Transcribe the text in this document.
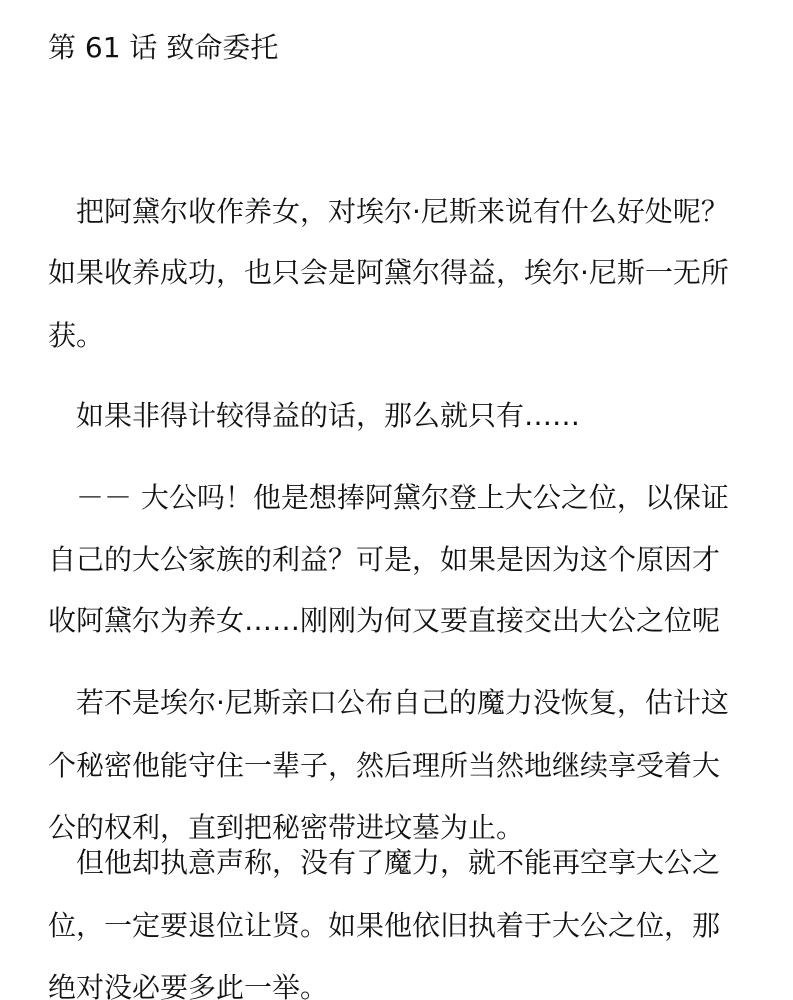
第 61 话 致命委托

把阿黛尔收作养女，对埃尔·尼斯来说有什么好处呢？

如果收养成功，也只会是阿黛尔得益，埃尔·尼斯一无所

获。

如果非得计较得益的话，那么就只有……

－－ 大公吗！他是想捧阿黛尔登上大公之位，以保证

自己的大公家族的利益？可是，如果是因为这个原因才

收阿黛尔为养女……刚刚为何又要直接交出大公之位呢

若不是埃尔·尼斯亲口公布自己的魔力没恢复，估计这

个秘密他能守住一辈子，然后理所当然地继续享受着大

公的权利，直到把秘密带进坟墓为止。

但他却执意声称，没有了魔力，就不能再空享大公之

位，一定要退位让贤。如果他依旧执着于大公之位，那

绝对没必要多此一举。
